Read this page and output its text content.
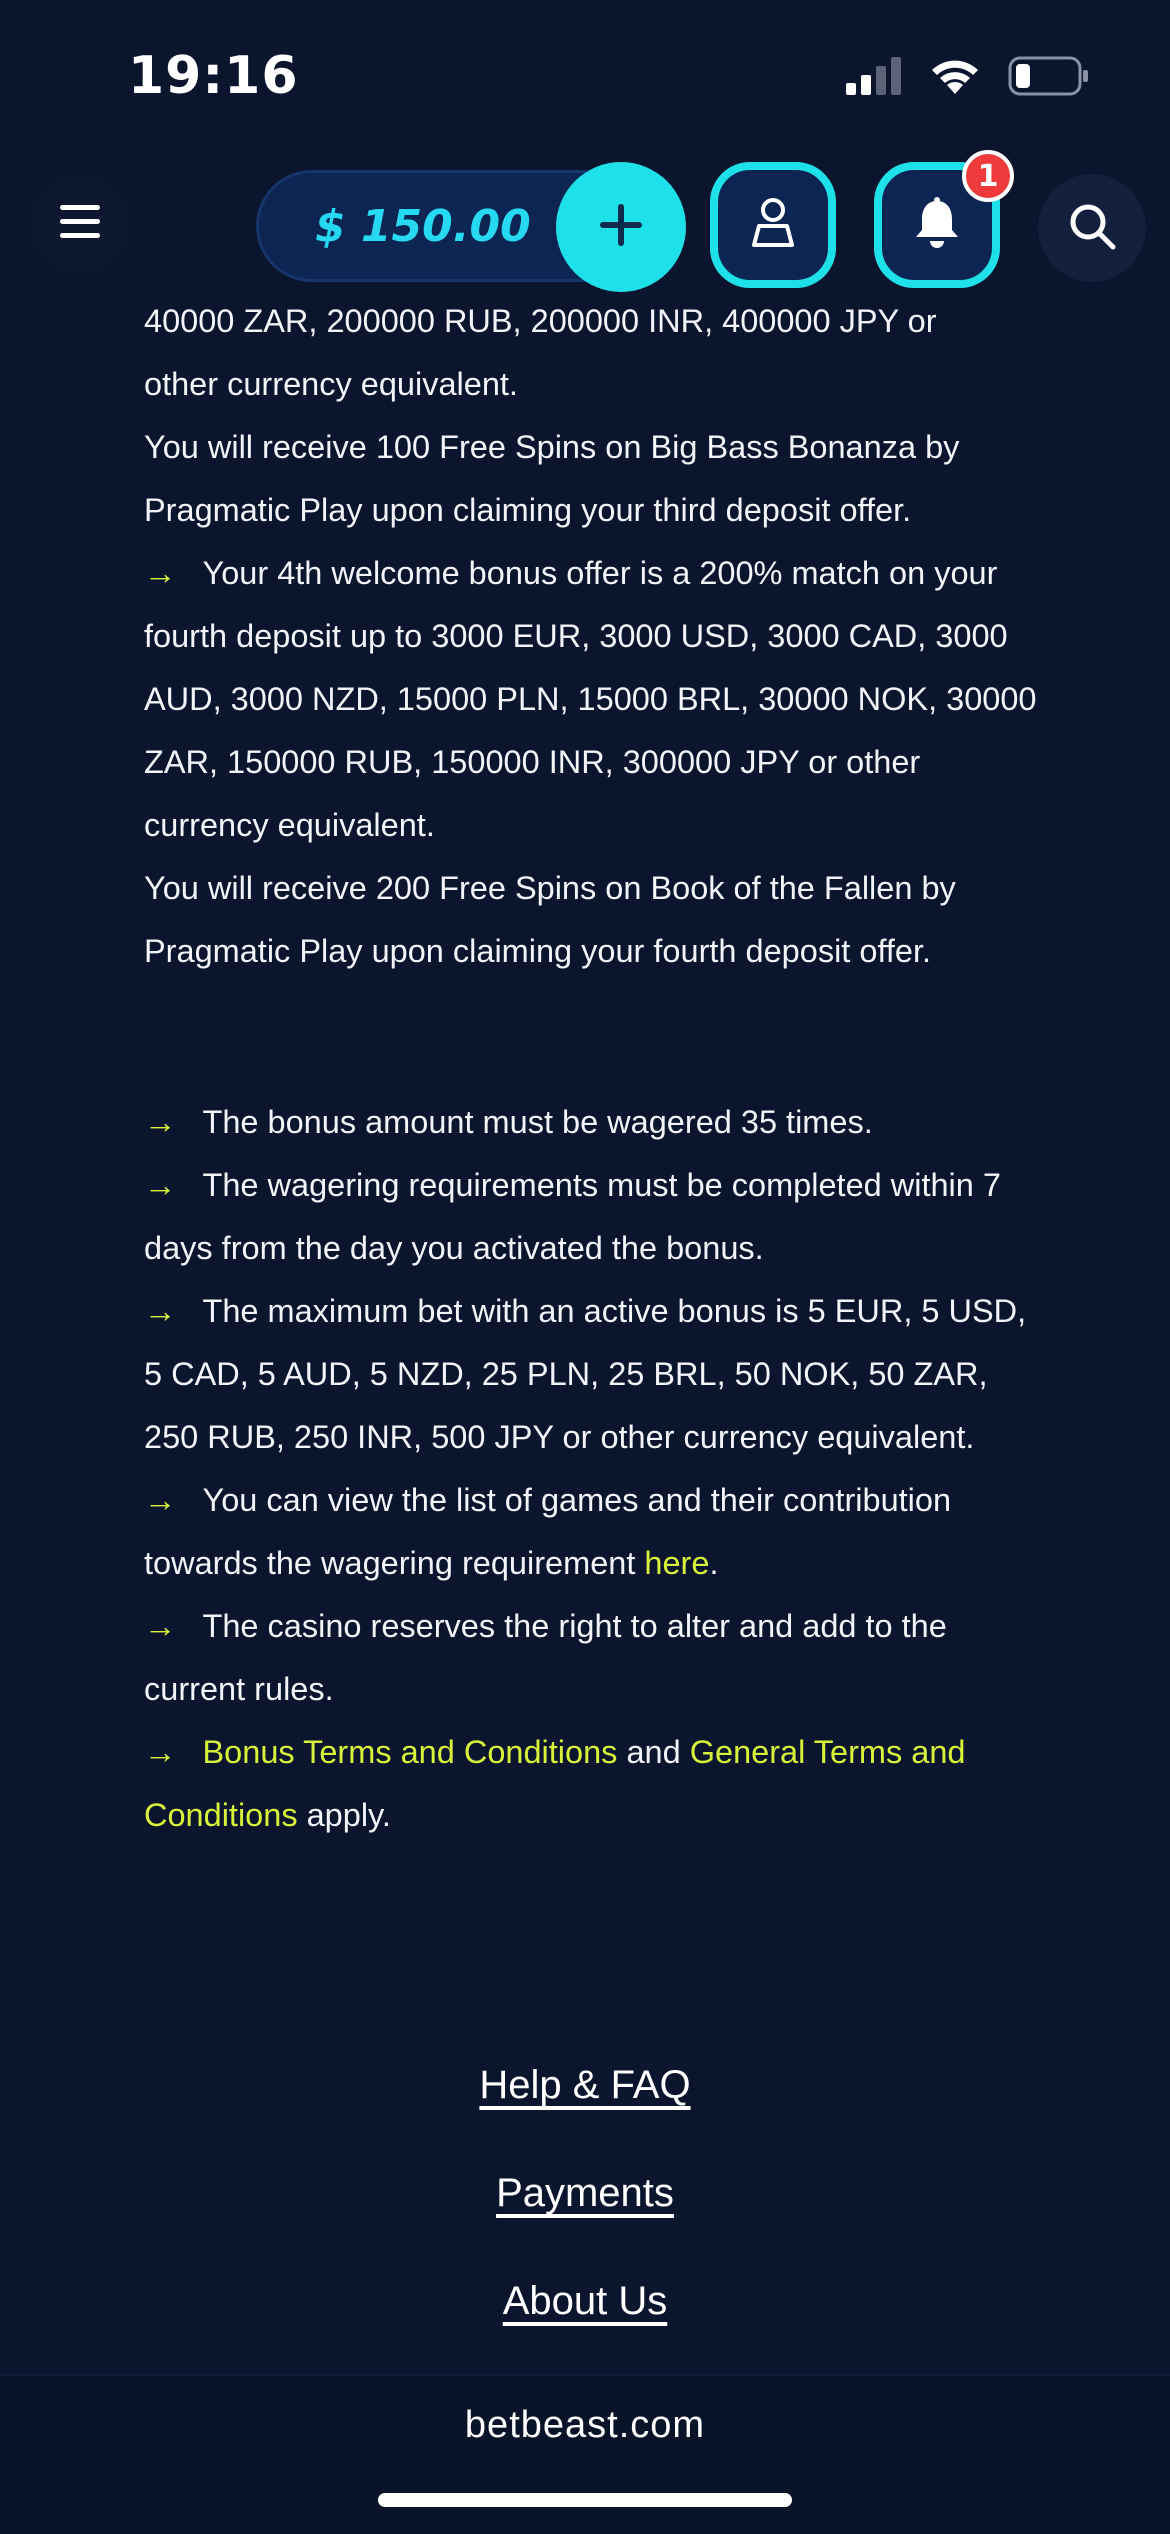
19:16
$ 150.00
1

40000 ZAR, 200000 RUB, 200000 INR, 400000 JPY or

other currency equivalent.

You will receive 100 Free Spins on Big Bass Bonanza by Pragmatic Play upon claiming your third deposit offer.

→ Your 4th welcome bonus offer is a 200% match on your fourth deposit up to 3000 EUR, 3000 USD, 3000 CAD, 3000 AUD, 3000 NZD, 15000 PLN, 15000 BRL, 30000 NOK, 30000 ZAR, 150000 RUB, 150000 INR, 300000 JPY or other currency equivalent.

You will receive 200 Free Spins on Book of the Fallen by Pragmatic Play upon claiming your fourth deposit offer.

→ The bonus amount must be wagered 35 times.

→ The wagering requirements must be completed within 7 days from the day you activated the bonus.

→ The maximum bet with an active bonus is 5 EUR, 5 USD, 5 CAD, 5 AUD, 5 NZD, 25 PLN, 25 BRL, 50 NOK, 50 ZAR, 250 RUB, 250 INR, 500 JPY or other currency equivalent.

→ You can view the list of games and their contribution towards the wagering requirement here.

→ The casino reserves the right to alter and add to the current rules.

→ Bonus Terms and Conditions and General Terms and Conditions apply.

Help & FAQ
Payments
About Us
betbeast.com
